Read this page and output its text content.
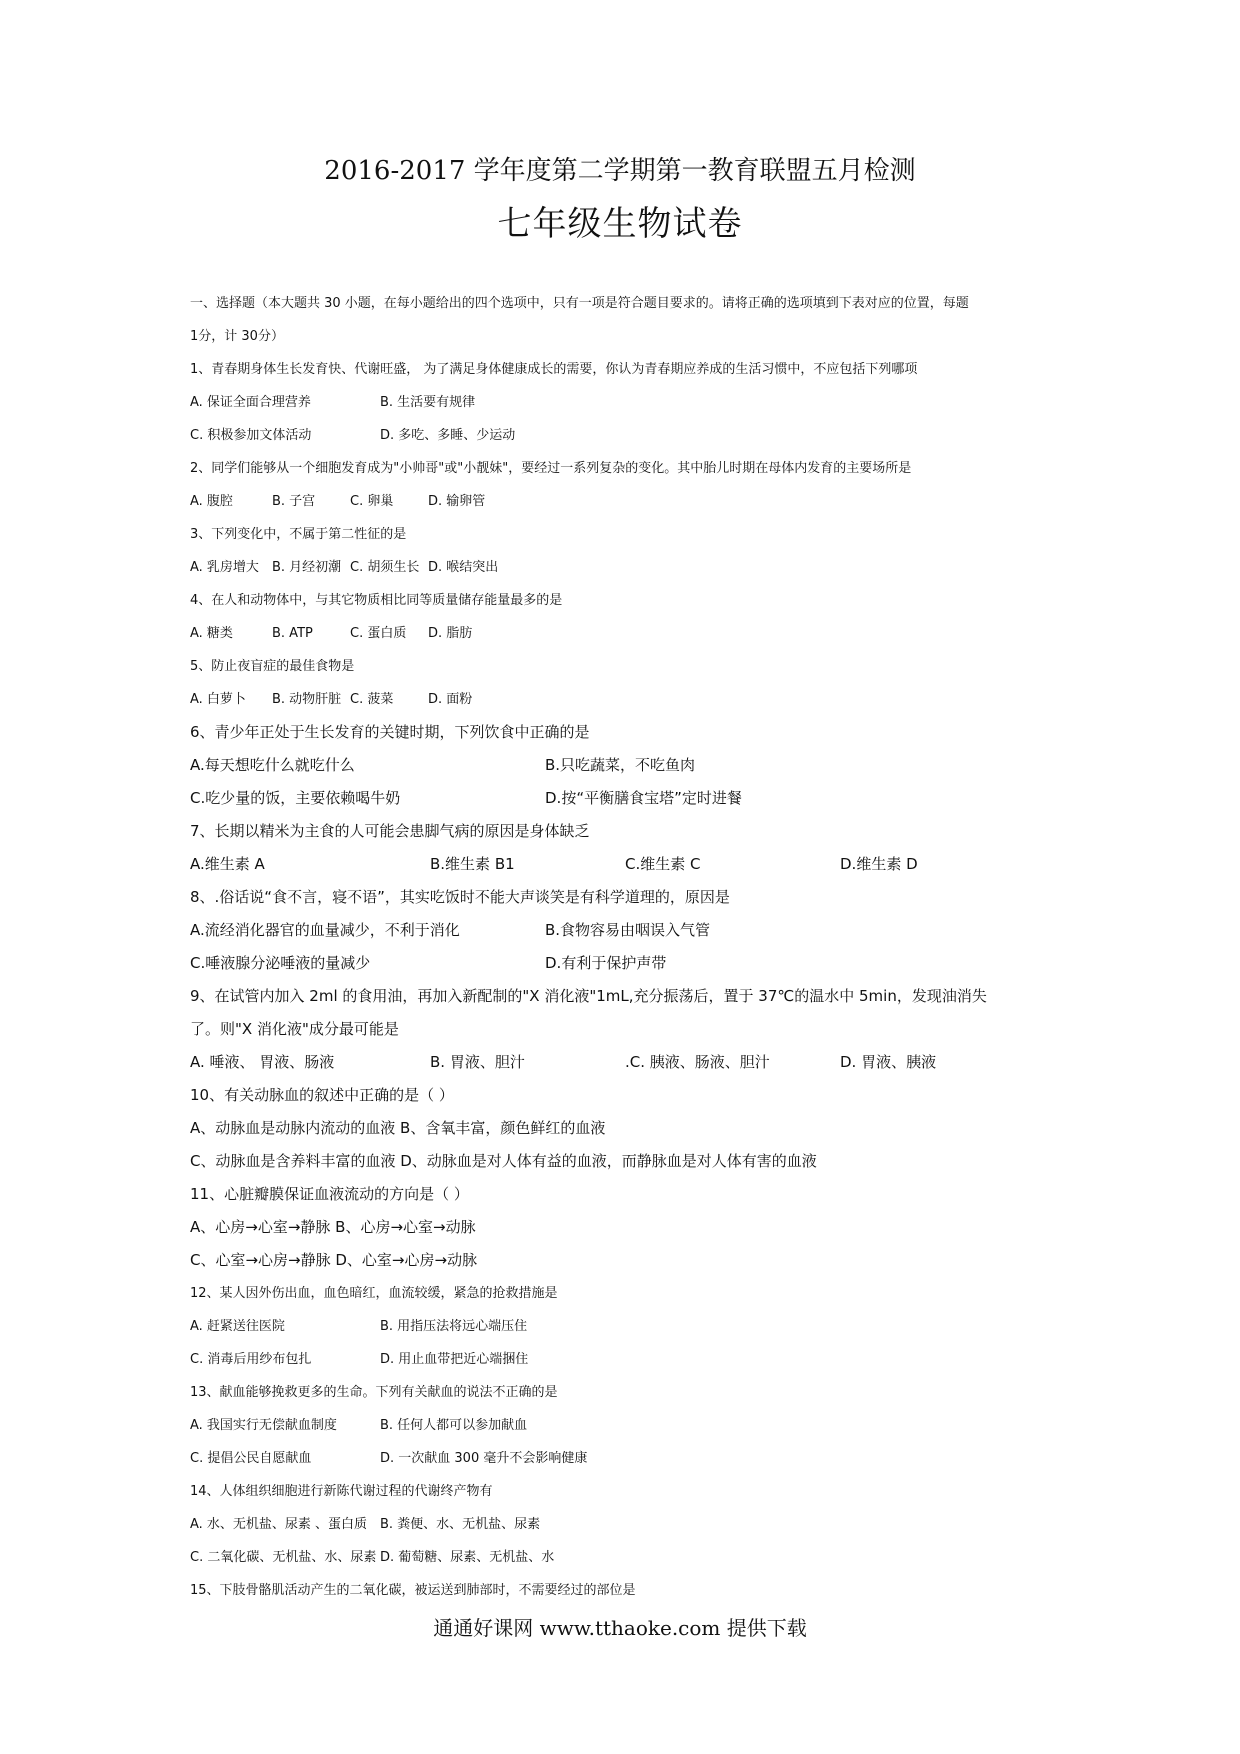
2016-2017 学年度第二学期第一教育联盟五月检测
七年级生物试卷
一、选择题（本大题共 30 小题，在每小题给出的四个选项中，只有一项是符合题目要求的。请将正确的选项填到下表对应的位置，每题
1分，计 30分）
1、青春期身体生长发育快、代谢旺盛， 为了满足身体健康成长的需要，你认为青春期应养成的生活习惯中，不应包括下列哪项
A. 保证全面合理营养	B. 生活要有规律
C. 积极参加文体活动	D. 多吃、多睡、少运动
2、同学们能够从一个细胞发育成为"小帅哥"或"小靓妹"，要经过一系列复杂的变化。其中胎儿时期在母体内发育的主要场所是
A. 腹腔	B. 子宫	C. 卵巢	D. 输卵管
3、下列变化中，不属于第二性征的是
A. 乳房增大	B. 月经初潮 C. 胡须生长 D. 喉结突出
4、在人和动物体中，与其它物质相比同等质量储存能量最多的是
A. 糖类	B. ATP	C. 蛋白质	D. 脂肪
5、防止夜盲症的最佳食物是
A. 白萝卜	B. 动物肝脏 C. 菠菜	D. 面粉
6、青少年正处于生长发育的关键时期，下列饮食中正确的是
A.每天想吃什么就吃什么	B.只吃蔬菜，不吃鱼肉
C.吃少量的饭，主要依赖喝牛奶	D.按“平衡膳食宝塔”定时进餐
7、长期以精米为主食的人可能会患脚气病的原因是身体缺乏
A.维生素 A	B.维生素 B1	C.维生素 C	D.维生素 D
8、.俗话说“食不言，寝不语”，其实吃饭时不能大声谈笑是有科学道理的，原因是
A.流经消化器官的血量减少，不利于消化	B.食物容易由咽误入气管
C.唾液腺分泌唾液的量减少	D.有利于保护声带
9、在试管内加入 2ml 的食用油，再加入新配制的"X 消化液"1mL,充分振荡后，置于 37℃的温水中 5min，发现油消失
了。则"X 消化液"成分最可能是
A. 唾液、 胃液、肠液	B. 胃液、胆汁	.C. 胰液、肠液、胆汁	D. 胃液、胰液
10、有关动脉血的叙述中正确的是（ ）
A、动脉血是动脉内流动的血液 B、含氧丰富，颜色鲜红的血液
C、动脉血是含养料丰富的血液 D、动脉血是对人体有益的血液，而静脉血是对人体有害的血液
11、心脏瓣膜保证血液流动的方向是（ ）
A、心房→心室→静脉 B、心房→心室→动脉
C、心室→心房→静脉 D、心室→心房→动脉
12、某人因外伤出血，血色暗红，血流较缓，紧急的抢救措施是
A. 赶紧送往医院	B. 用指压法将远心端压住
C. 消毒后用纱布包扎	D. 用止血带把近心端捆住
13、献血能够挽救更多的生命。下列有关献血的说法不正确的是
A. 我国实行无偿献血制度	B. 任何人都可以参加献血
C. 提倡公民自愿献血	D. 一次献血 300 毫升不会影响健康
14、人体组织细胞进行新陈代谢过程的代谢终产物有
A. 水、无机盐、尿素 、蛋白质 B. 粪便、水、无机盐、尿素
C. 二氧化碳、无机盐、水、尿素 D. 葡萄糖、尿素、无机盐、水
15、下肢骨骼肌活动产生的二氧化碳，被运送到肺部时，不需要经过的部位是
通通好课网 www.tthaoke.com 提供下载
